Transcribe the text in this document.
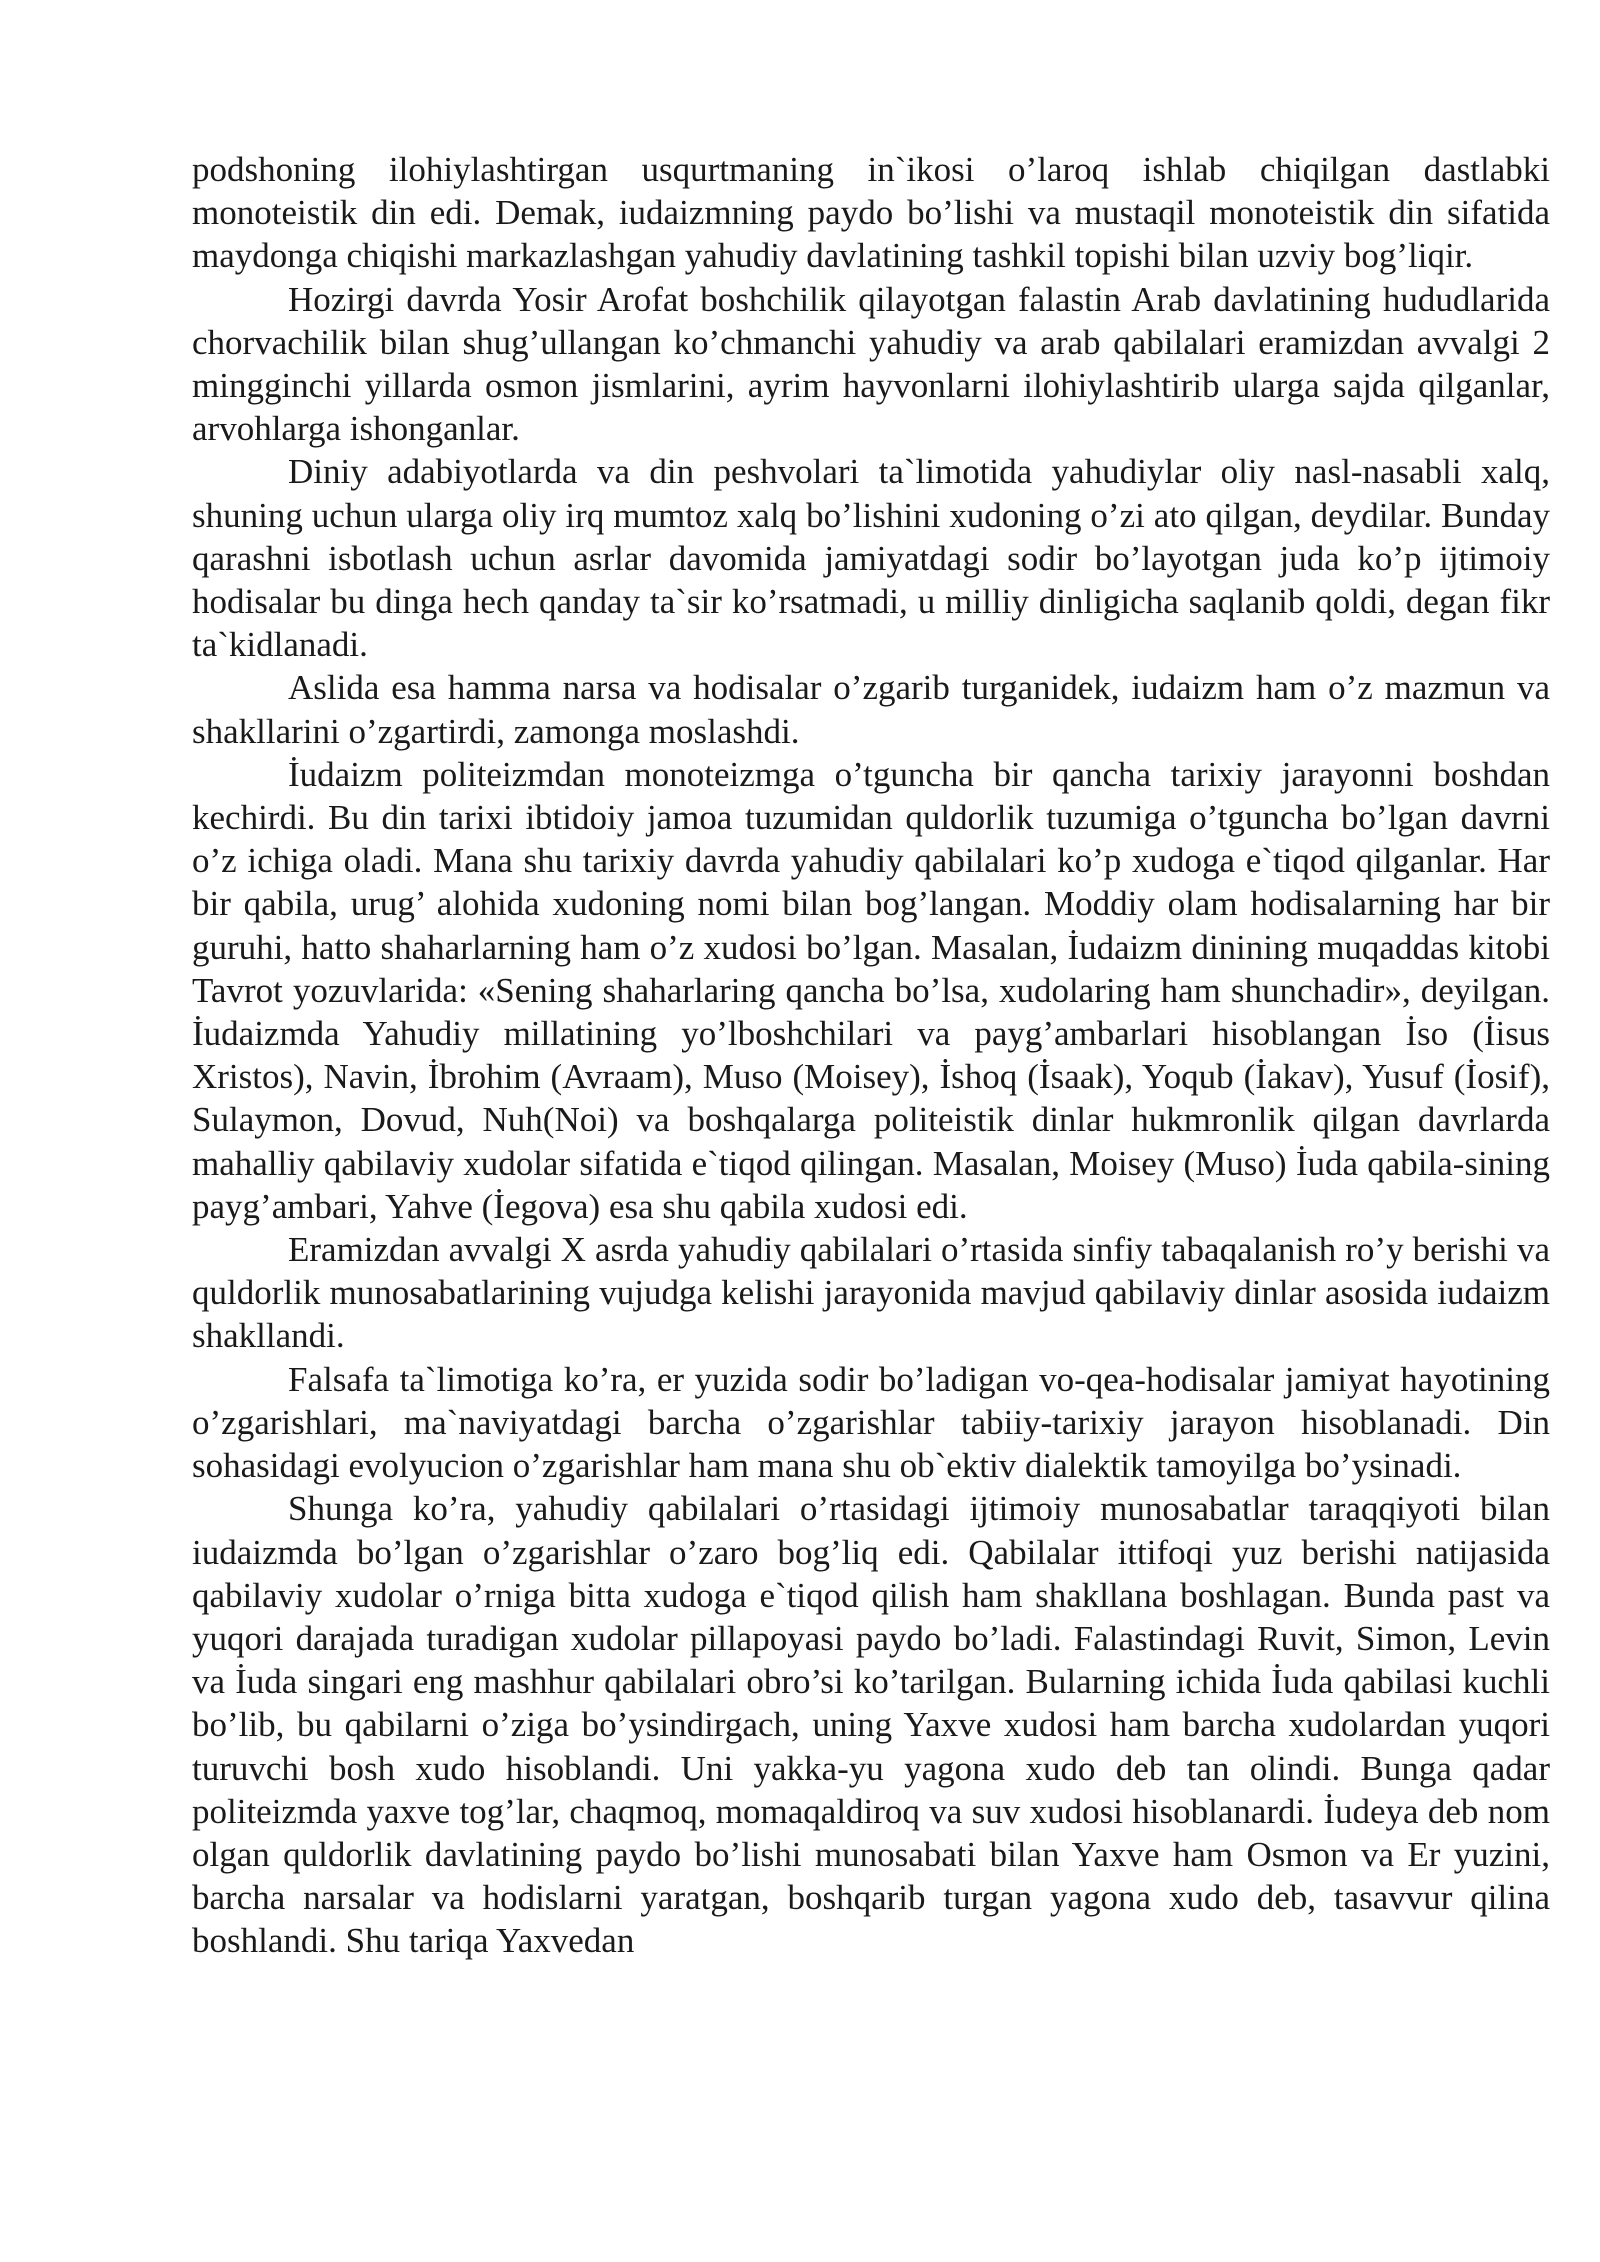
podshoning ilohiylashtirgan usqurtmaning in`ikosi o’laroq ishlab chiqilgan dastlabki monoteistik din edi. Demak, iudaizmning paydo bo’lishi va mustaqil monoteistik din sifatida maydonga chiqishi markazlashgan yahudiy davlatining tashkil topishi bilan uzviy bog’liqir.

Hozirgi davrda Yosir Arofat boshchilik qilayotgan falastin Arab davlatining hududlarida chorvachilik bilan shug’ullangan ko’chmanchi yahudiy va arab qabilalari eramizdan avvalgi 2 mingginchi yillarda osmon jismlarini, ayrim hayvonlarni ilohiylashtirib ularga sajda qilganlar, arvohlarga ishonganlar.

Diniy adabiyotlarda va din peshvolari ta`limotida yahudiylar oliy nasl-nasabli xalq, shuning uchun ularga oliy irq mumtoz xalq bo’lishini xudoning o’zi ato qilgan, deydilar. Bunday qarashni isbotlash uchun asrlar davomida jamiyatdagi sodir bo’layotgan juda ko’p ijtimoiy hodisalar bu dinga hech qanday ta`sir ko’rsatmadi, u milliy dinligicha saqlanib qoldi, degan fikr ta`kidlanadi.

Aslida esa hamma narsa va hodisalar o’zgarib turganidek, iudaizm ham o’z mazmun va shakllarini o’zgartirdi, zamonga moslashdi.

İudaizm politeizmdan monoteizmga o’tguncha bir qancha tarixiy jarayonni boshdan kechirdi. Bu din tarixi ibtidoiy jamoa tuzumidan quldorlik tuzumiga o’tguncha bo’lgan davrni o’z ichiga oladi. Mana shu tarixiy davrda yahudiy qabilalari ko’p xudoga e`tiqod qilganlar. Har bir qabila, urug’ alohida xudoning nomi bilan bog’langan. Moddiy olam hodisalarning har bir guruhi, hatto shaharlarning ham o’z xudosi bo’lgan. Masalan, İudaizm dinining muqaddas kitobi Tavrot yozuvlarida: «Sening shaharlaring qancha bo’lsa, xudolaring ham shunchadir», deyilgan. İudaizmda Yahudiy millatining yo’lboshchilari va payg’ambarlari hisoblangan İso (İisus Xristos), Navin, İbrohim (Avraam), Muso (Moisey), İshoq (İsaak), Yoqub (İakav), Yusuf (İosif), Sulaymon, Dovud, Nuh(Noi) va boshqalarga politeistik dinlar hukmronlik qilgan davrlarda mahalliy qabilaviy xudolar sifatida e`tiqod qilingan. Masalan, Moisey (Muso) İuda qabila-sining payg’ambari, Yahve (İegova) esa shu qabila xudosi edi.

Eramizdan avvalgi X asrda yahudiy qabilalari o’rtasida sinfiy tabaqalanish ro’y berishi va quldorlik munosabatlarining vujudga kelishi jarayonida mavjud qabilaviy dinlar asosida iudaizm shakllandi.

Falsafa ta`limotiga ko’ra, er yuzida sodir bo’ladigan vo-qea-hodisalar jamiyat hayotining o’zgarishlari, ma`naviyatdagi barcha o’zgarishlar tabiiy-tarixiy jarayon hisoblanadi. Din sohasidagi evolyucion o’zgarishlar ham mana shu ob`ektiv dialektik tamoyilga bo’ysinadi.

Shunga ko’ra, yahudiy qabilalari o’rtasidagi ijtimoiy munosabatlar taraqqiyoti bilan iudaizmda bo’lgan o’zgarishlar o’zaro bog’liq edi. Qabilalar ittifoqi yuz berishi natijasida qabilaviy xudolar o’rniga bitta xudoga e`tiqod qilish ham shakllana boshlagan. Bunda past va yuqori darajada turadigan xudolar pillapoyasi paydo bo’ladi. Falastindagi Ruvit, Simon, Levin va İuda singari eng mashhur qabilalari obro’si ko’tarilgan. Bularning ichida İuda qabilasi kuchli bo’lib, bu qabilarni o’ziga bo’ysindirgach, uning Yaxve xudosi ham barcha xudolardan yuqori turuvchi bosh xudo hisoblandi. Uni yakka-yu yagona xudo deb tan olindi. Bunga qadar politeizmda yaxve tog’lar, chaqmoq, momaqaldiroq va suv xudosi hisoblanardi. İudeya deb nom olgan quldorlik davlatining paydo bo’lishi munosabati bilan Yaxve ham Osmon va Er yuzini, barcha narsalar va hodislarni yaratgan, boshqarib turgan yagona xudo deb, tasavvur qilina boshlandi. Shu tariqa Yaxvedan
